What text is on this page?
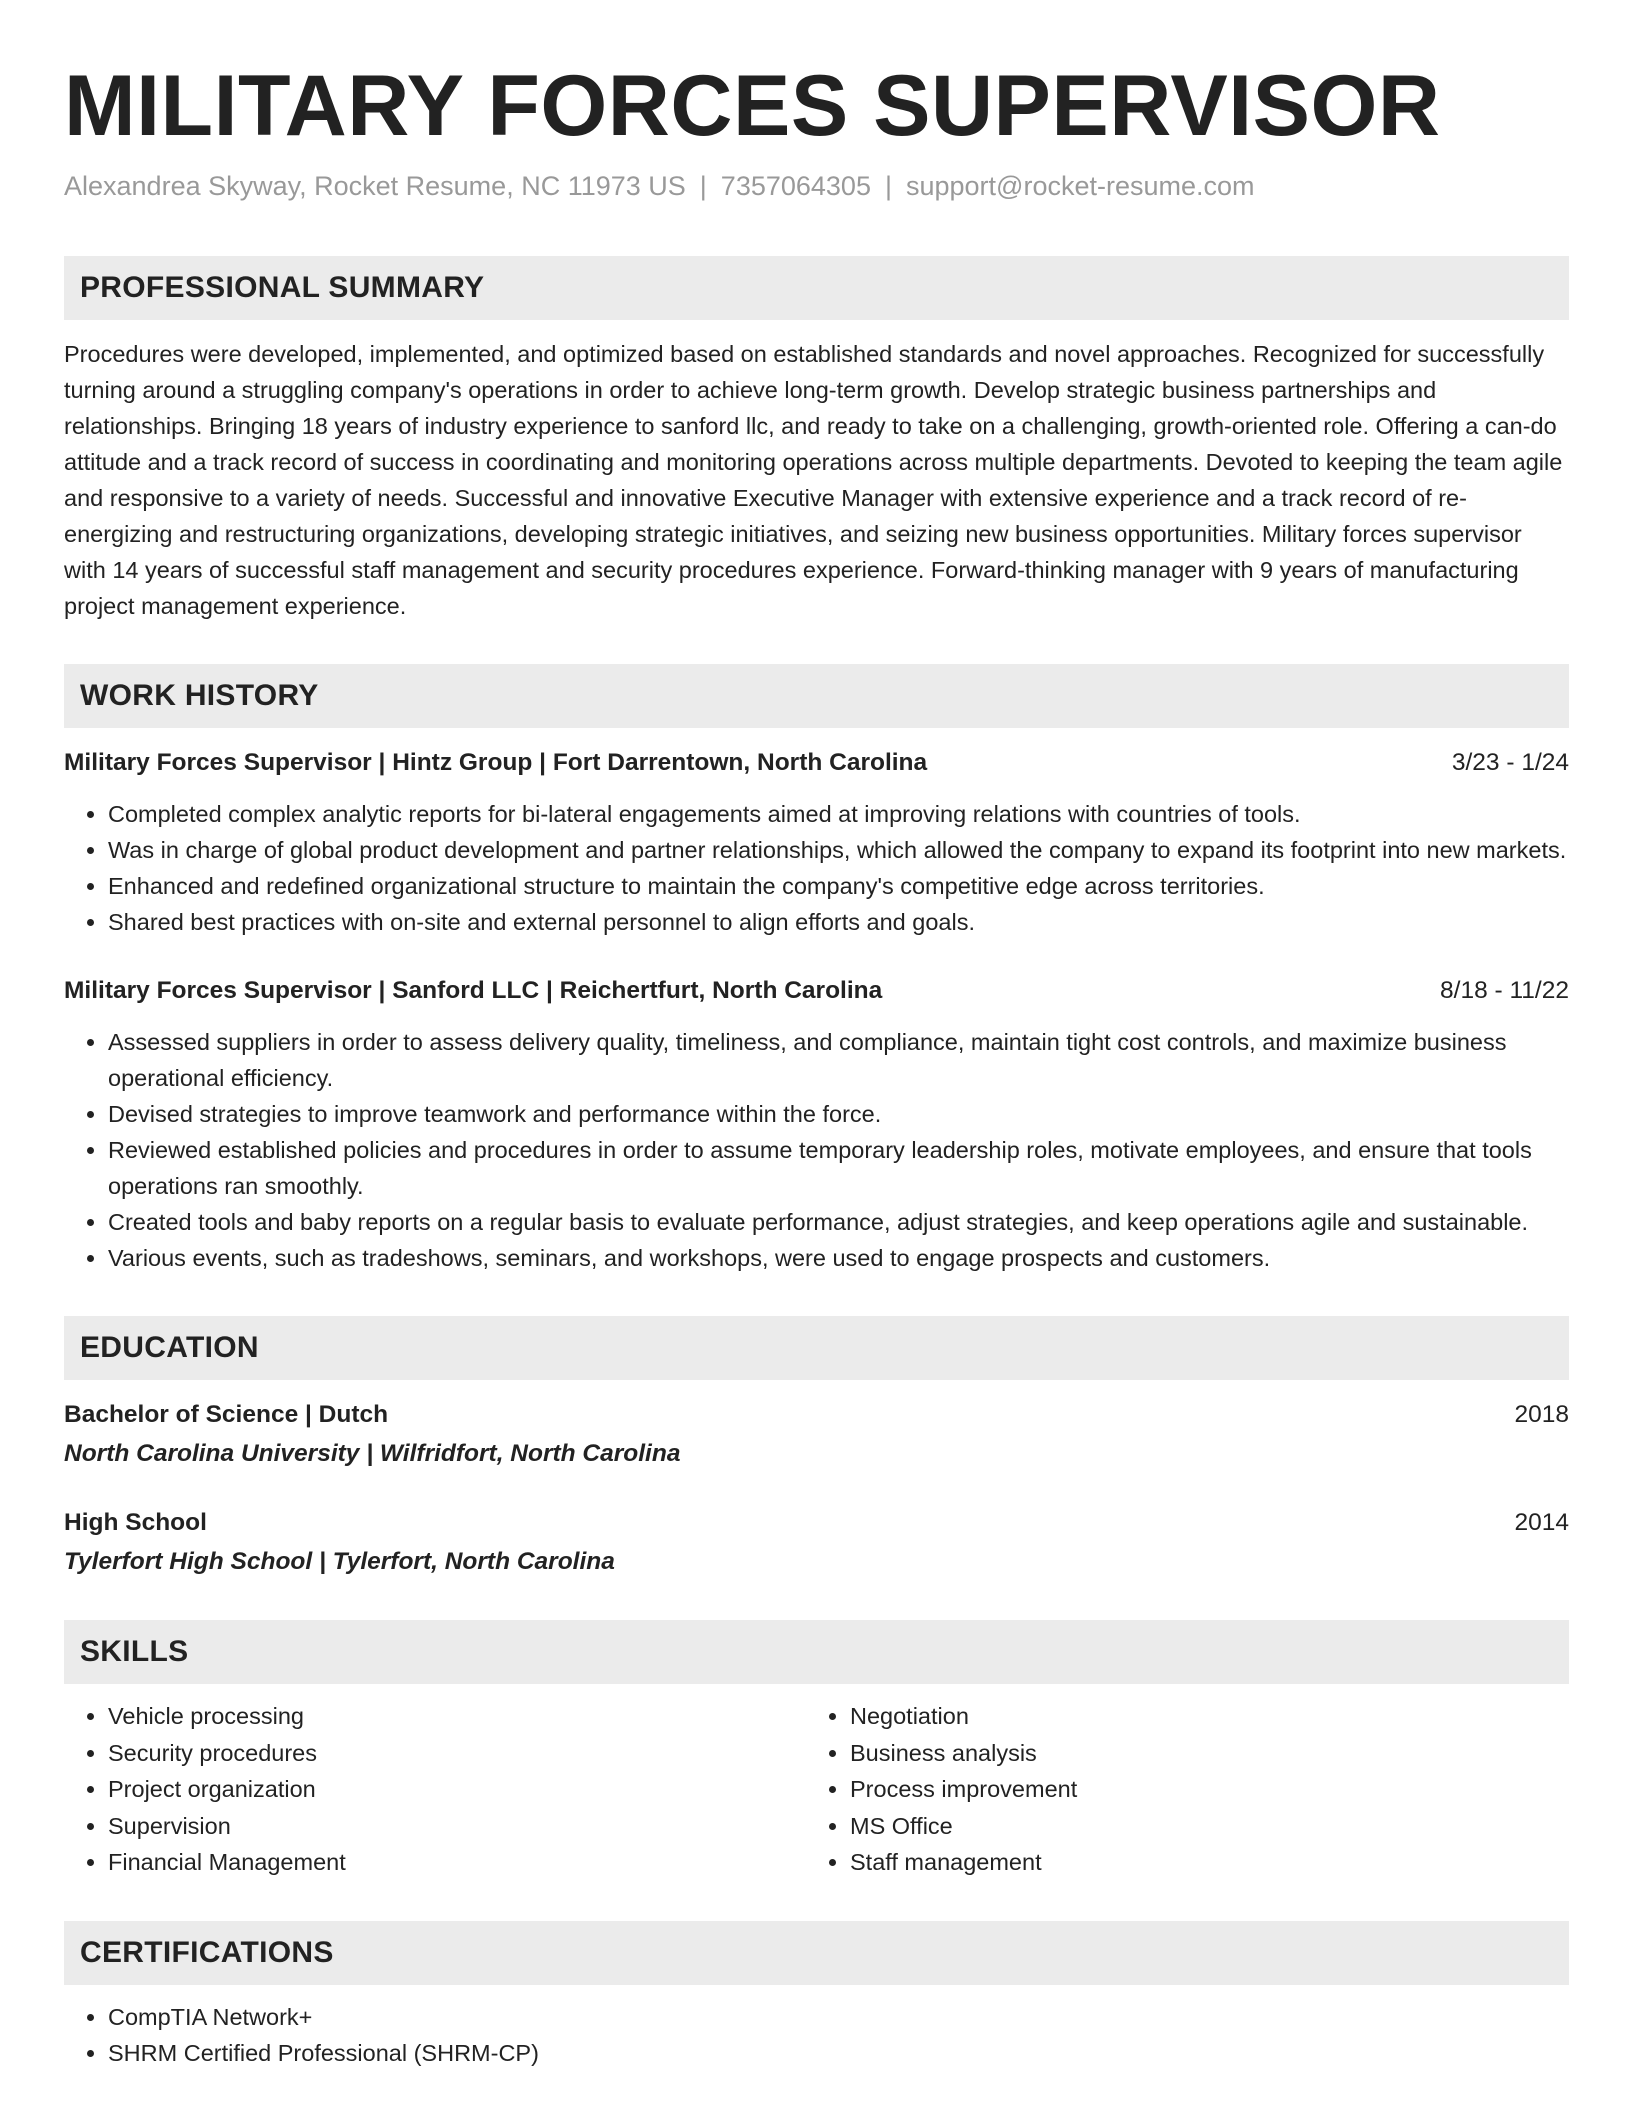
MILITARY FORCES SUPERVISOR
Alexandrea Skyway, Rocket Resume, NC 11973 US | 7357064305 | support@rocket-resume.com
PROFESSIONAL SUMMARY
Procedures were developed, implemented, and optimized based on established standards and novel approaches. Recognized for successfully turning around a struggling company's operations in order to achieve long-term growth. Develop strategic business partnerships and relationships. Bringing 18 years of industry experience to sanford llc, and ready to take on a challenging, growth-oriented role. Offering a can-do attitude and a track record of success in coordinating and monitoring operations across multiple departments. Devoted to keeping the team agile and responsive to a variety of needs. Successful and innovative Executive Manager with extensive experience and a track record of re-energizing and restructuring organizations, developing strategic initiatives, and seizing new business opportunities. Military forces supervisor with 14 years of successful staff management and security procedures experience. Forward-thinking manager with 9 years of manufacturing project management experience.
WORK HISTORY
Military Forces Supervisor | Hintz Group | Fort Darrentown, North Carolina	3/23 - 1/24
• Completed complex analytic reports for bi-lateral engagements aimed at improving relations with countries of tools.
• Was in charge of global product development and partner relationships, which allowed the company to expand its footprint into new markets.
• Enhanced and redefined organizational structure to maintain the company's competitive edge across territories.
• Shared best practices with on-site and external personnel to align efforts and goals.
Military Forces Supervisor | Sanford LLC | Reichertfurt, North Carolina	8/18 - 11/22
• Assessed suppliers in order to assess delivery quality, timeliness, and compliance, maintain tight cost controls, and maximize business operational efficiency.
• Devised strategies to improve teamwork and performance within the force.
• Reviewed established policies and procedures in order to assume temporary leadership roles, motivate employees, and ensure that tools operations ran smoothly.
• Created tools and baby reports on a regular basis to evaluate performance, adjust strategies, and keep operations agile and sustainable.
• Various events, such as tradeshows, seminars, and workshops, were used to engage prospects and customers.
EDUCATION
Bachelor of Science | Dutch	2018
North Carolina University | Wilfridfort, North Carolina
High School	2014
Tylerfort High School | Tylerfort, North Carolina
SKILLS
• Vehicle processing
• Security procedures
• Project organization
• Supervision
• Financial Management
• Negotiation
• Business analysis
• Process improvement
• MS Office
• Staff management
CERTIFICATIONS
• CompTIA Network+
• SHRM Certified Professional (SHRM-CP)
